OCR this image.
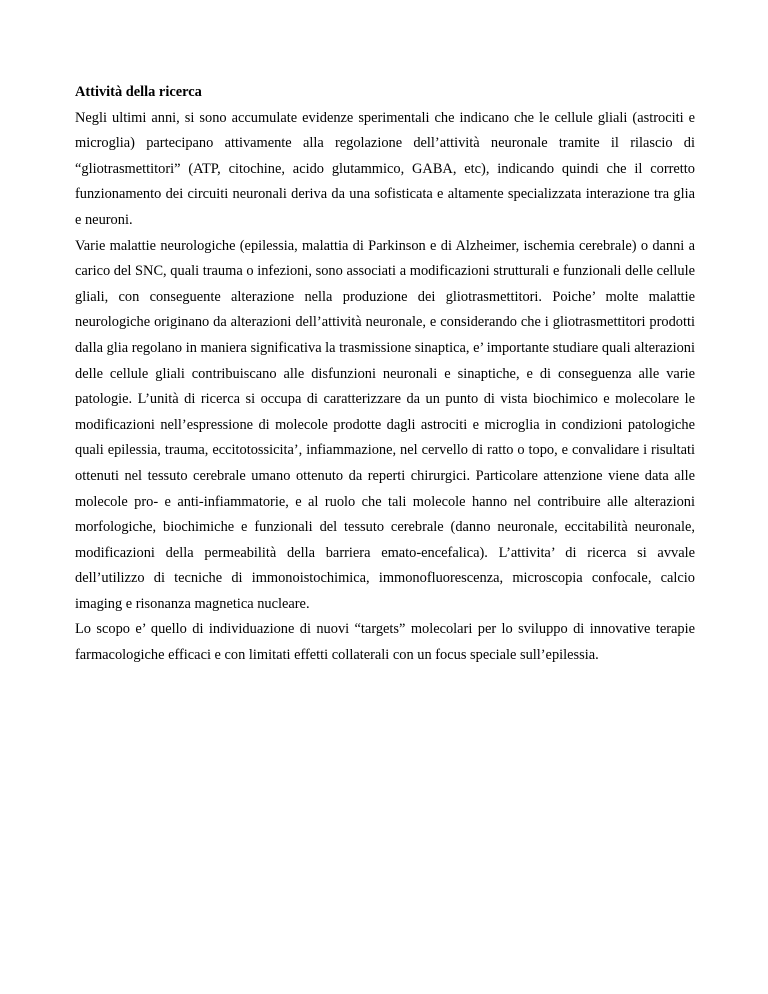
Attività della ricerca

Negli ultimi anni, si sono accumulate evidenze sperimentali che indicano che le cellule gliali (astrociti e microglia) partecipano attivamente alla regolazione dell’attività neuronale tramite il rilascio di “gliotrasmettitori” (ATP, citochine, acido glutammico, GABA, etc), indicando quindi che il corretto funzionamento dei circuiti neuronali deriva da una sofisticata e altamente specializzata interazione tra glia e neuroni.

Varie malattie neurologiche (epilessia, malattia di Parkinson e di Alzheimer, ischemia cerebrale) o danni a carico del SNC, quali trauma o infezioni, sono associati a modificazioni strutturali e funzionali delle cellule gliali, con conseguente alterazione nella produzione dei gliotrasmettitori. Poiche’ molte malattie neurologiche originano da alterazioni dell’attività neuronale, e considerando che i gliotrasmettitori prodotti dalla glia regolano in maniera significativa la trasmissione sinaptica, e’ importante studiare quali alterazioni delle cellule gliali contribuiscano alle disfunzioni neuronali e sinaptiche, e di conseguenza alle varie patologie. L’unità di ricerca si occupa di caratterizzare da un punto di vista biochimico e molecolare le modificazioni nell’espressione di molecole prodotte dagli astrociti e microglia in condizioni patologiche quali epilessia, trauma, eccitotossicita’, infiammazione, nel cervello di ratto o topo, e convalidare i risultati ottenuti nel tessuto cerebrale umano ottenuto da reperti chirurgici. Particolare attenzione viene data alle molecole pro- e anti-infiammatorie, e al ruolo che tali molecole hanno nel contribuire alle alterazioni morfologiche, biochimiche e funzionali del tessuto cerebrale (danno neuronale, eccitabilità neuronale, modificazioni della permeabilità della barriera emato-encefalica). L’attivita’ di ricerca si avvale dell’utilizzo di tecniche di immonoistochimica, immonofluorescenza, microscopia confocale, calcio imaging e risonanza magnetica nucleare.

Lo scopo e’ quello di individuazione di nuovi “targets” molecolari per lo sviluppo di innovative terapie farmacologiche efficaci e con limitati effetti collaterali con un focus speciale sull’epilessia.
